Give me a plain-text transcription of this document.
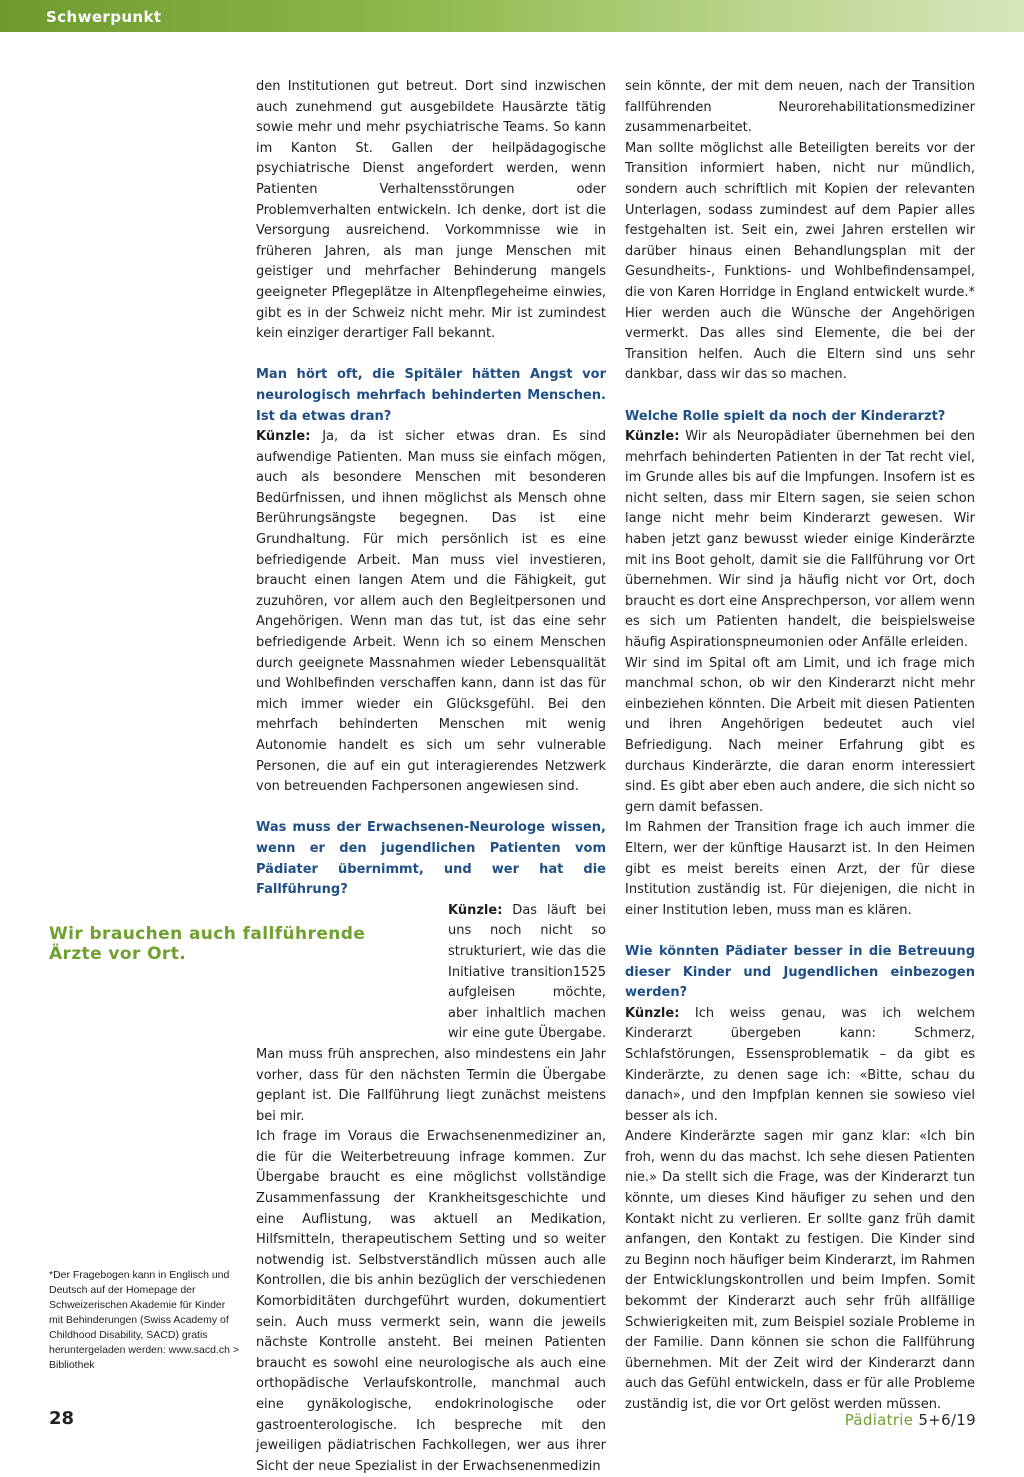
Schwerpunkt

den Institutionen gut betreut. Dort sind inzwischen auch zunehmend gut ausgebildete Hausärzte tätig sowie mehr und mehr psychiatrische Teams. So kann im Kanton St. Gallen der heilpädagogische psychiatrische Dienst angefordert werden, wenn Patienten Verhaltensstörungen oder Problemverhalten entwickeln. Ich denke, dort ist die Versorgung ausreichend. Vorkommnisse wie in früheren Jahren, als man junge Menschen mit geistiger und mehrfacher Behinderung mangels geeigneter Pflegeplätze in Altenpflegeheime einwies, gibt es in der Schweiz nicht mehr. Mir ist zumindest kein einziger derartiger Fall bekannt.

Man hört oft, die Spitäler hätten Angst vor neurologisch mehrfach behinderten Menschen. Ist da etwas dran?

Künzle: Ja, da ist sicher etwas dran. Es sind aufwendige Patienten. Man muss sie einfach mögen, auch als besondere Menschen mit besonderen Bedürfnissen, und ihnen möglichst als Mensch ohne Berührungsängste begegnen. Das ist eine Grundhaltung. Für mich persönlich ist es eine befriedigende Arbeit. Man muss viel investieren, braucht einen langen Atem und die Fähigkeit, gut zuzuhören, vor allem auch den Begleitpersonen und Angehörigen. Wenn man das tut, ist das eine sehr befriedigende Arbeit. Wenn ich so einem Menschen durch geeignete Massnahmen wieder Lebensqualität und Wohlbefinden verschaffen kann, dann ist das für mich immer wieder ein Glücksgefühl. Bei den mehrfach behinderten Menschen mit wenig Autonomie handelt es sich um sehr vulnerable Personen, die auf ein gut interagierendes Netzwerk von betreuenden Fachpersonen angewiesen sind.

Was muss der Erwachsenen-Neurologe wissen, wenn er den jugendlichen Patienten vom Pädiater übernimmt, und wer hat die Fallführung?

Künzle: Das läuft bei uns noch nicht so strukturiert, wie das die Initiative transition1525 aufgleisen möchte, aber inhaltlich machen wir eine gute Übergabe. Man muss früh ansprechen, also mindestens ein Jahr vorher, dass für den nächsten Termin die Übergabe geplant ist. Die Fallführung liegt zunächst meistens bei mir.

Ich frage im Voraus die Erwachsenenmediziner an, die für die Weiterbetreuung infrage kommen. Zur Übergabe braucht es eine möglichst vollständige Zusammenfassung der Krankheitsgeschichte und eine Auflistung, was aktuell an Medikation, Hilfsmitteln, therapeutischem Setting und so weiter notwendig ist. Selbstverständlich müssen auch alle Kontrollen, die bis anhin bezüglich der verschiedenen Komorbiditäten durchgeführt wurden, dokumentiert sein. Auch muss vermerkt sein, wann die jeweils nächste Kontrolle ansteht. Bei meinen Patienten braucht es sowohl eine neurologische als auch eine orthopädische Verlaufskontrolle, manchmal auch eine gynäkologische, endokrinologische oder gastroenterologische. Ich bespreche mit den jeweiligen pädiatrischen Fachkollegen, wer aus ihrer Sicht der neue Spezialist in der Erwachsenenmedizin

sein könnte, der mit dem neuen, nach der Transition fallführenden Neurorehabilitationsmediziner zusammenarbeitet.

Man sollte möglichst alle Beteiligten bereits vor der Transition informiert haben, nicht nur mündlich, sondern auch schriftlich mit Kopien der relevanten Unterlagen, sodass zumindest auf dem Papier alles festgehalten ist. Seit ein, zwei Jahren erstellen wir darüber hinaus einen Behandlungsplan mit der Gesundheits-, Funktions- und Wohlbefindensampel, die von Karen Horridge in England entwickelt wurde.* Hier werden auch die Wünsche der Angehörigen vermerkt. Das alles sind Elemente, die bei der Transition helfen. Auch die Eltern sind uns sehr dankbar, dass wir das so machen.

Welche Rolle spielt da noch der Kinderarzt?

Künzle: Wir als Neuropädiater übernehmen bei den mehrfach behinderten Patienten in der Tat recht viel, im Grunde alles bis auf die Impfungen. Insofern ist es nicht selten, dass mir Eltern sagen, sie seien schon lange nicht mehr beim Kinderarzt gewesen. Wir haben jetzt ganz bewusst wieder einige Kinderärzte mit ins Boot geholt, damit sie die Fallführung vor Ort übernehmen. Wir sind ja häufig nicht vor Ort, doch braucht es dort eine Ansprechperson, vor allem wenn es sich um Patienten handelt, die beispielsweise häufig Aspirationspneumonien oder Anfälle erleiden.

Wir sind im Spital oft am Limit, und ich frage mich manchmal schon, ob wir den Kinderarzt nicht mehr einbeziehen könnten. Die Arbeit mit diesen Patienten und ihren Angehörigen bedeutet auch viel Befriedigung. Nach meiner Erfahrung gibt es durchaus Kinderärzte, die daran enorm interessiert sind. Es gibt aber eben auch andere, die sich nicht so gern damit befassen.

Im Rahmen der Transition frage ich auch immer die Eltern, wer der künftige Hausarzt ist. In den Heimen gibt es meist bereits einen Arzt, der für diese Institution zuständig ist. Für diejenigen, die nicht in einer Institution leben, muss man es klären.

Wie könnten Pädiater besser in die Betreuung dieser Kinder und Jugendlichen einbezogen werden?

Künzle: Ich weiss genau, was ich welchem Kinderarzt übergeben kann: Schmerz, Schlafstörungen, Essensproblematik – da gibt es Kinderärzte, zu denen sage ich: «Bitte, schau du danach», und den Impfplan kennen sie sowieso viel besser als ich.

Andere Kinderärzte sagen mir ganz klar: «Ich bin froh, wenn du das machst. Ich sehe diesen Patienten nie.» Da stellt sich die Frage, was der Kinderarzt tun könnte, um dieses Kind häufiger zu sehen und den Kontakt nicht zu verlieren. Er sollte ganz früh damit anfangen, den Kontakt zu festigen. Die Kinder sind zu Beginn noch häufiger beim Kinderarzt, im Rahmen der Entwicklungskontrollen und beim Impfen. Somit bekommt der Kinderarzt auch sehr früh allfällige Schwierigkeiten mit, zum Beispiel soziale Probleme in der Familie. Dann können sie schon die Fallführung übernehmen. Mit der Zeit wird der Kinderarzt dann auch das Gefühl entwickeln, dass er für alle Probleme zuständig ist, die vor Ort gelöst werden müssen.

Wir brauchen auch fallführende
Ärzte vor Ort.
*Der Fragebogen kann in Englisch und Deutsch auf der Homepage der Schweizerischen Akademie für Kinder mit Behinderungen (Swiss Academy of Childhood Disability, SACD) gratis heruntergeladen werden: www.sacd.ch > Bibliothek
28	Pädiatrie 5+6/19
